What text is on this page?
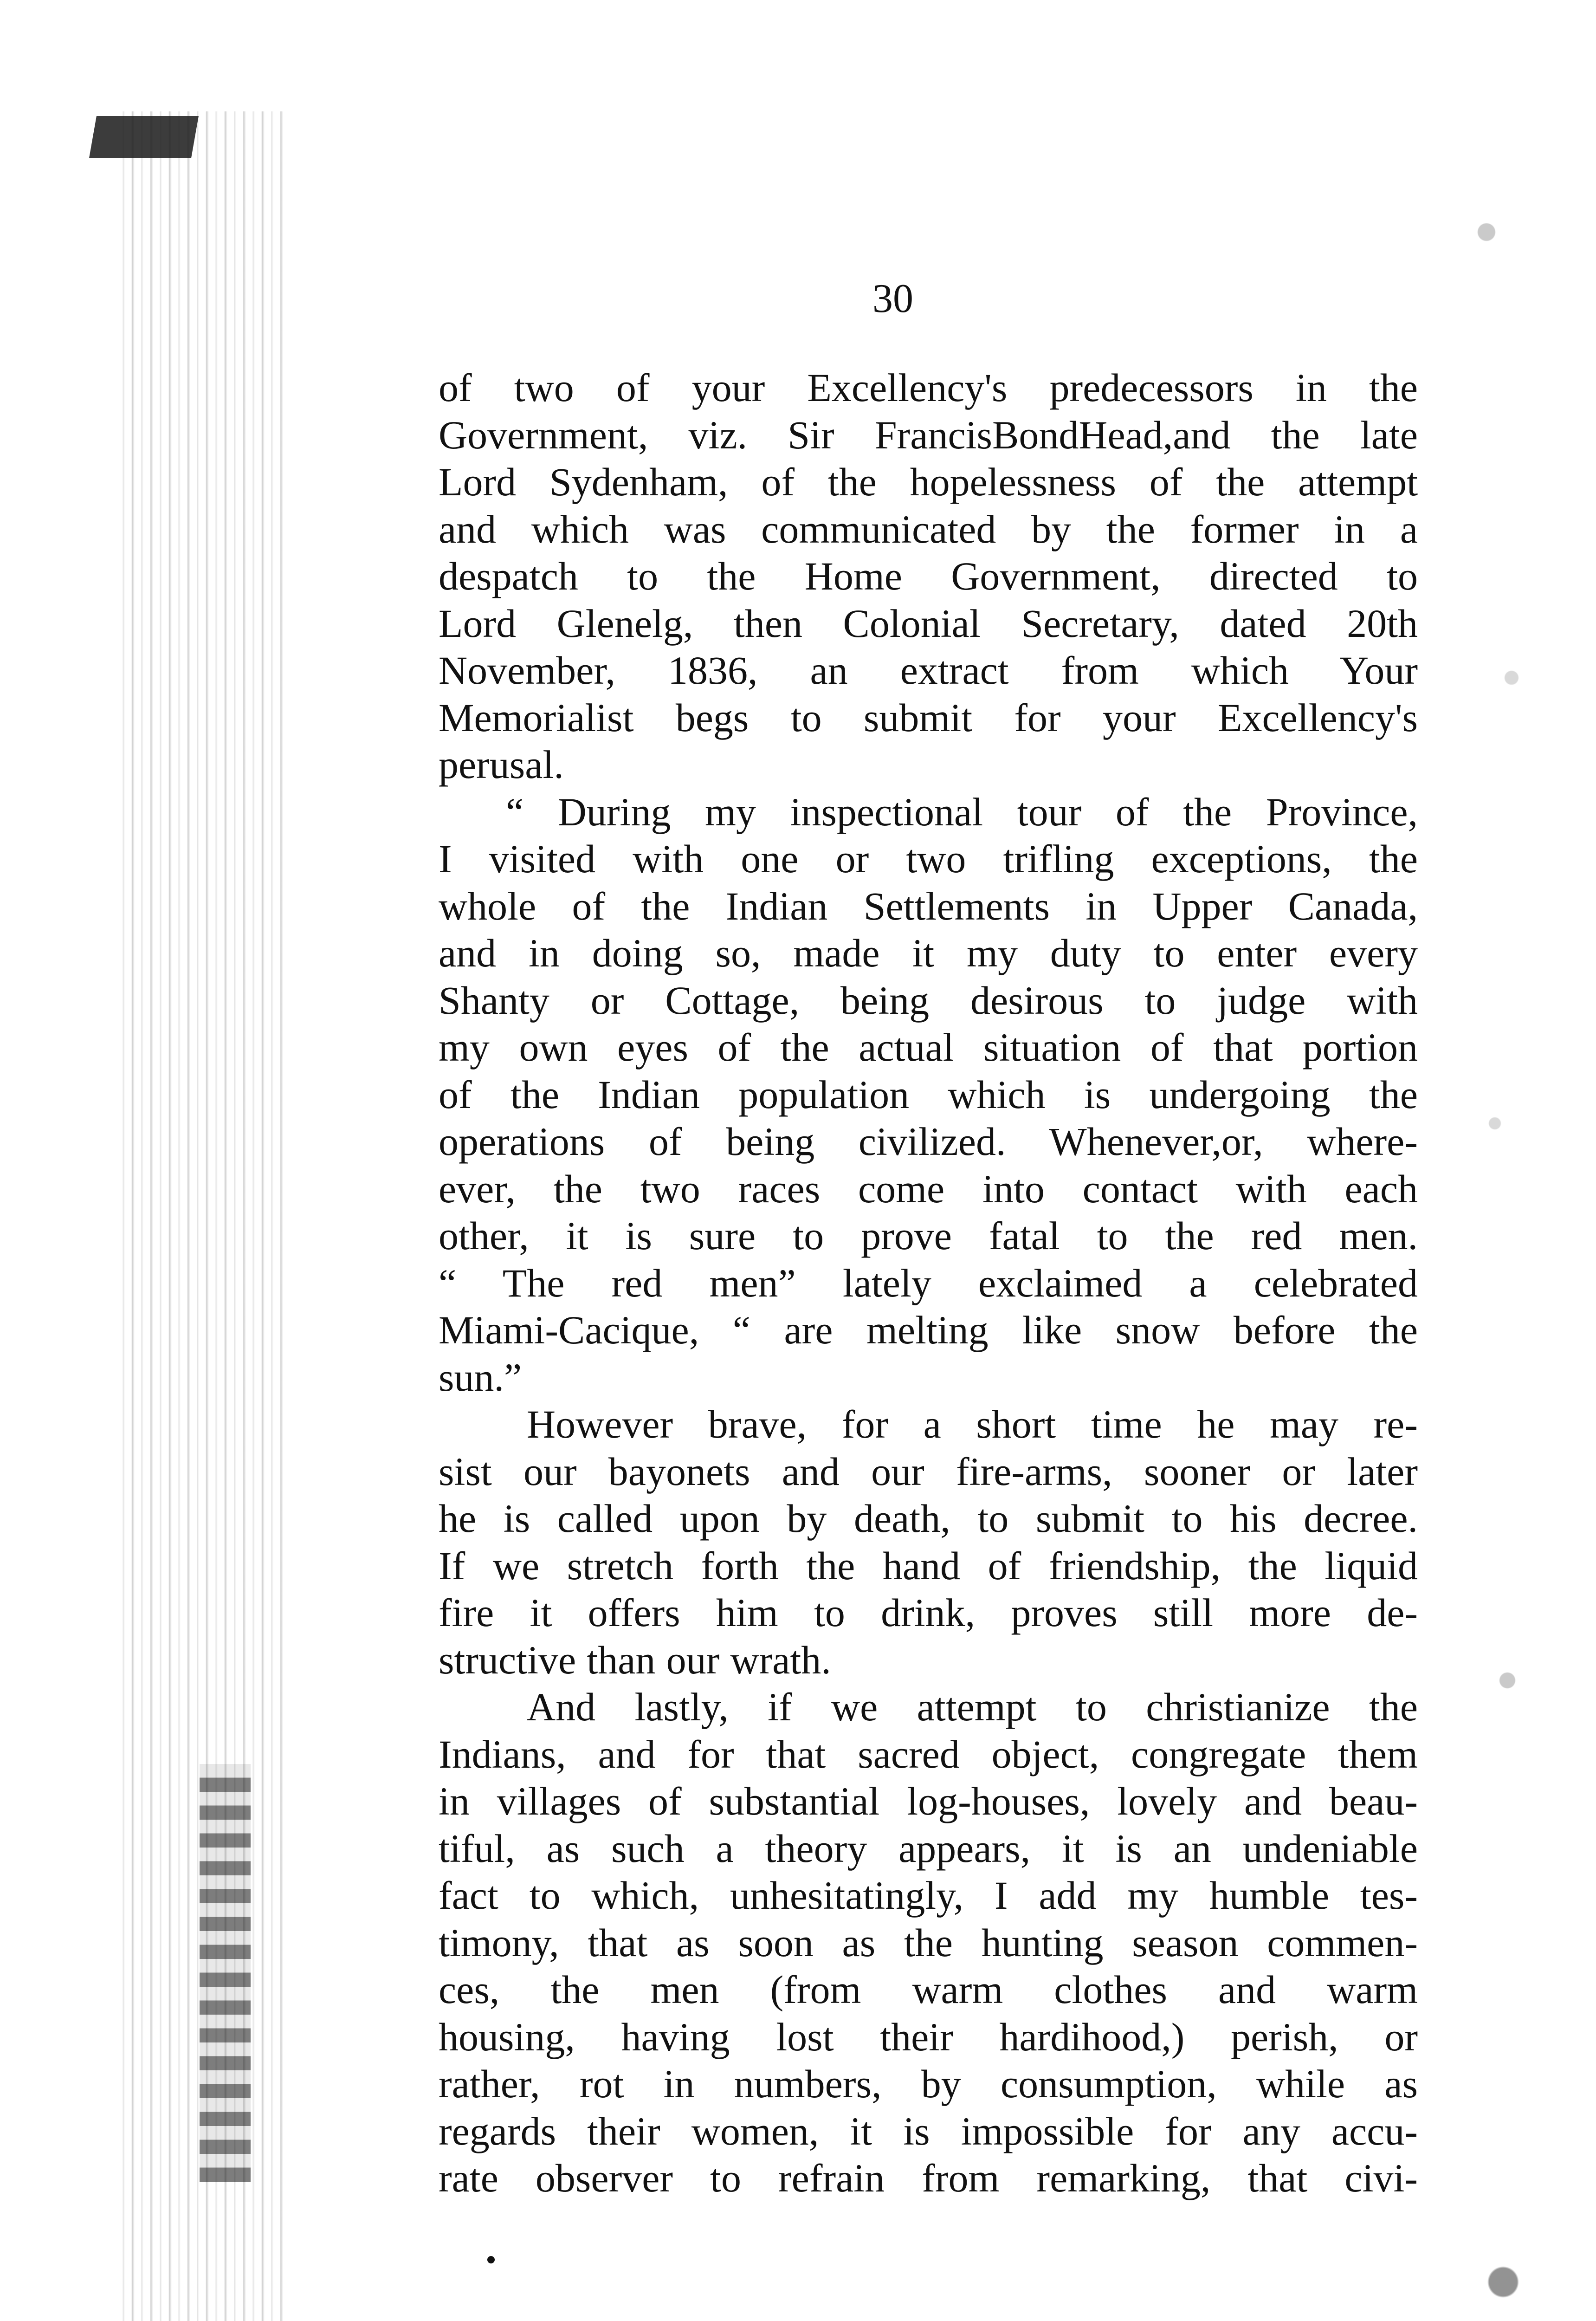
30
of two of your Excellency's predecessors in the
Government, viz. Sir FrancisBondHead,and the late
Lord Sydenham, of the hopelessness of the attempt
and which was communicated by the former in a
despatch to the Home Government, directed to
Lord Glenelg, then Colonial Secretary, dated 20th
November, 1836, an extract from which Your
Memorialist begs to submit for your Excellency's
perusal.
“ During my inspectional tour of the Province,
I visited with one or two trifling exceptions, the
whole of the Indian Settlements in Upper Canada,
and in doing so, made it my duty to enter every
Shanty or Cottage, being desirous to judge with
my own eyes of the actual situation of that portion
of the Indian population which is undergoing the
operations of being civilized. Whenever,or, where-
ever, the two races come into contact with each
other, it is sure to prove fatal to the red men.
“ The red men” lately exclaimed a celebrated
Miami-Cacique, “ are melting like snow before the
sun.”
However brave, for a short time he may re-
sist our bayonets and our fire-arms, sooner or later
he is called upon by death, to submit to his decree.
If we stretch forth the hand of friendship, the liquid
fire it offers him to drink, proves still more de-
structive than our wrath.
And lastly, if we attempt to christianize the
Indians, and for that sacred object, congregate them
in villages of substantial log-houses, lovely and beau-
tiful, as such a theory appears, it is an undeniable
fact to which, unhesitatingly, I add my humble tes-
timony, that as soon as the hunting season commen-
ces, the men (from warm clothes and warm
housing, having lost their hardihood,) perish, or
rather, rot in numbers, by consumption, while as
regards their women, it is impossible for any accu-
rate observer to refrain from remarking, that civi-
